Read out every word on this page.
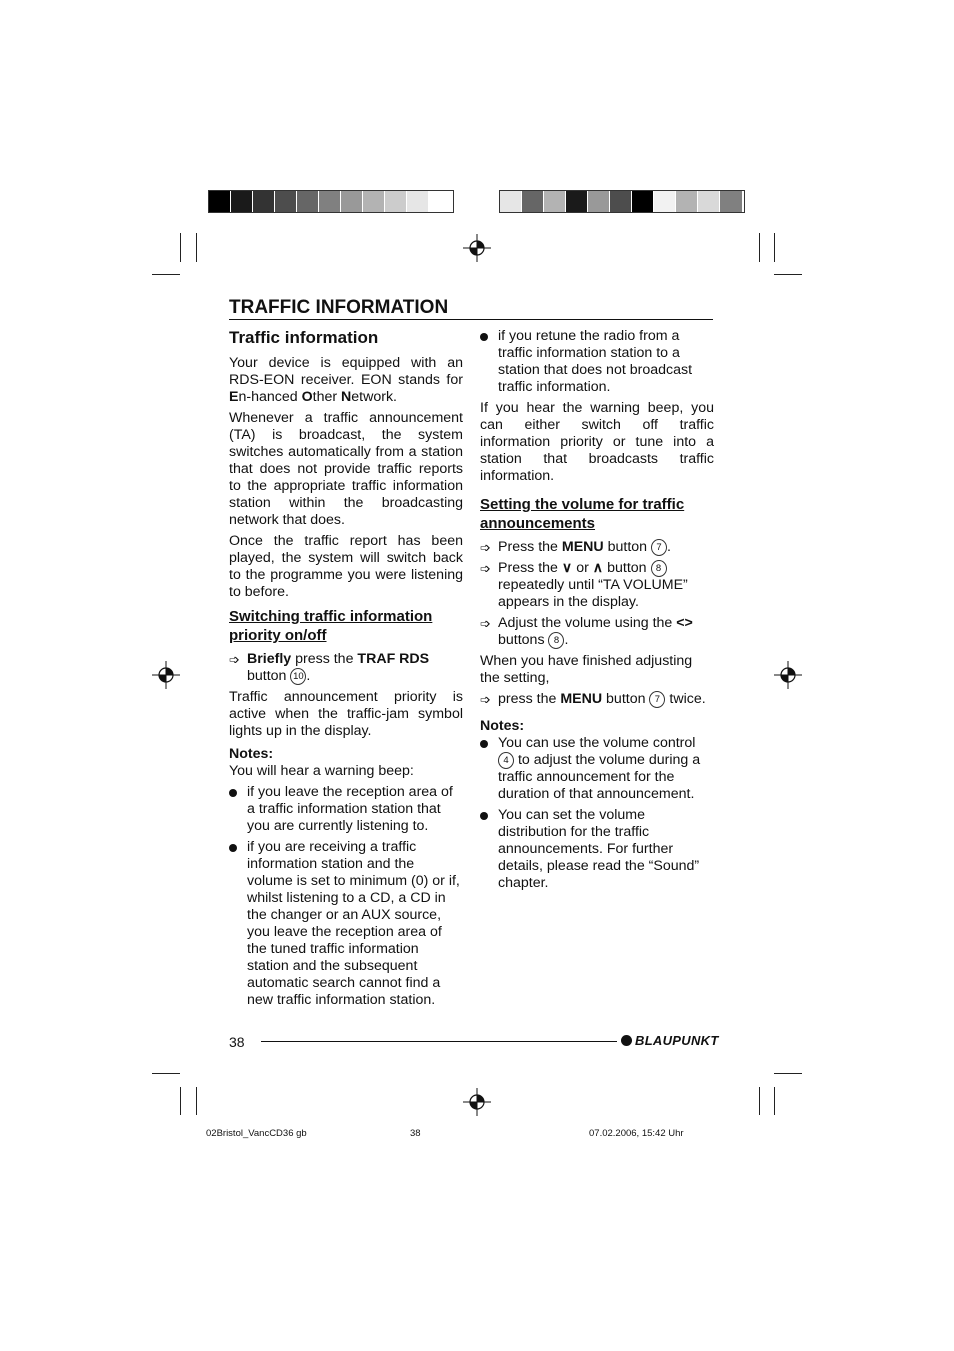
TRAFFIC INFORMATION
Traffic information

Your device is equipped with an RDS-EON receiver. EON stands for En-hanced Other Network.

Whenever a traffic announcement (TA) is broadcast, the system switches automatically from a station that does not provide traffic reports to the appropriate traffic information station within the broadcasting network that does.

Once the traffic report has been played, the system will switch back to the programme you were listening to before.

Switching traffic information priority on/off
➩ Briefly press the TRAF RDS button 10 .

Traffic announcement priority is active when the traffic-jam symbol lights up in the display.

Notes:

You will hear a warning beep:

if you leave the reception area of a traffic information station that you are currently listening to.
if you are receiving a traffic information station and the volume is set to minimum (0) or if, whilst listening to a CD, a CD in the changer or an AUX source, you leave the reception area of the tuned traffic information station and the subsequent automatic search cannot find a new traffic information station.
if you retune the radio from a traffic information station to a station that does not broadcast traffic information.

If you hear the warning beep, you can either switch off traffic information priority or tune into a station that broadcasts traffic information.

Setting the volume for traffic announcements
➩ Press the MENU button 7 .
➩ Press the ∨ or ∧ button 8 repeatedly until “TA VOLUME” appears in the display.
➩ Adjust the volume using the <> buttons 8 .

When you have finished adjusting the setting,

➩ press the MENU button 7 twice.
Notes:
You can use the volume control 4 to adjust the volume during a traffic announcement for the duration of that announcement.
You can set the volume distribution for the traffic announcements. For further details, please read the “Sound” chapter.
38	BLAUPUNKT
02Bristol_VancCD36 gb	38	07.02.2006, 15:42 Uhr
